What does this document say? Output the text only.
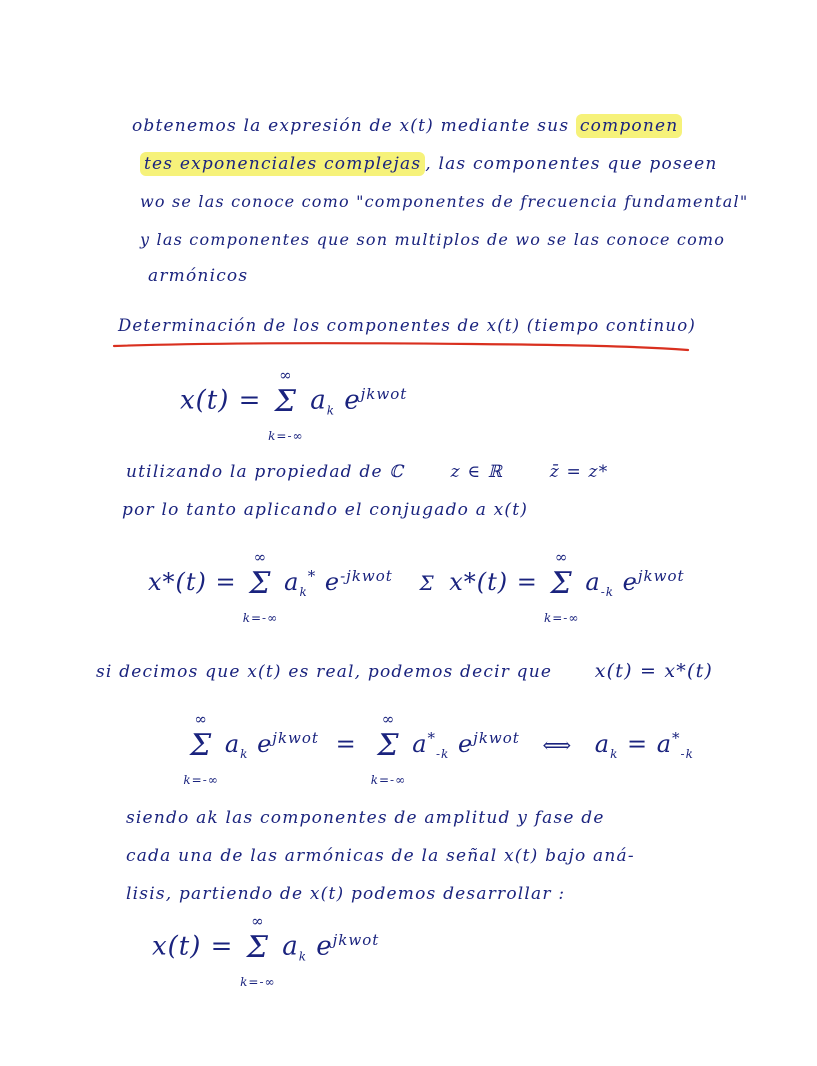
obtenemos la expresión de x(t) mediante sus componen
tes exponenciales complejas , las componentes que poseen
wo se las conoce como "componentes de frecuencia fundamental"
y las componentes que son multiplos de wo se las conoce como
armónicos
Determinación de los componentes de x(t) (tiempo continuo)
x(t) =
∞
Σ
k=-∞
$a_k$ $e^{jkwot}$
utilizando la propiedad de ℂ	z ∈ ℝ	z̄ = z*
por lo tanto aplicando el conjugado a x(t)
x*(t) =
∞
Σ
k=-∞
$a_k^*$ $e^{-jkwot}$ Σ x*(t) =
∞
Σ
k=-∞
$a_{-k}$ $e^{jkwot}$
si decimos que x(t) es real, podemos decir que x(t) = x*(t)
∞
Σ
k=-∞
$a_k$ $e^{jkwot}$ =
∞
Σ
k=-∞
$a^*_{-k}$ $e^{jkwot}$ ⟺ $a_k = a^*_{-k}$
siendo ak las componentes de amplitud y fase de
cada una de las armónicas de la señal x(t) bajo aná-
lisis, partiendo de x(t) podemos desarrollar :
x(t) =
∞
Σ
k=-∞
$a_k$ $e^{jkwot}$
